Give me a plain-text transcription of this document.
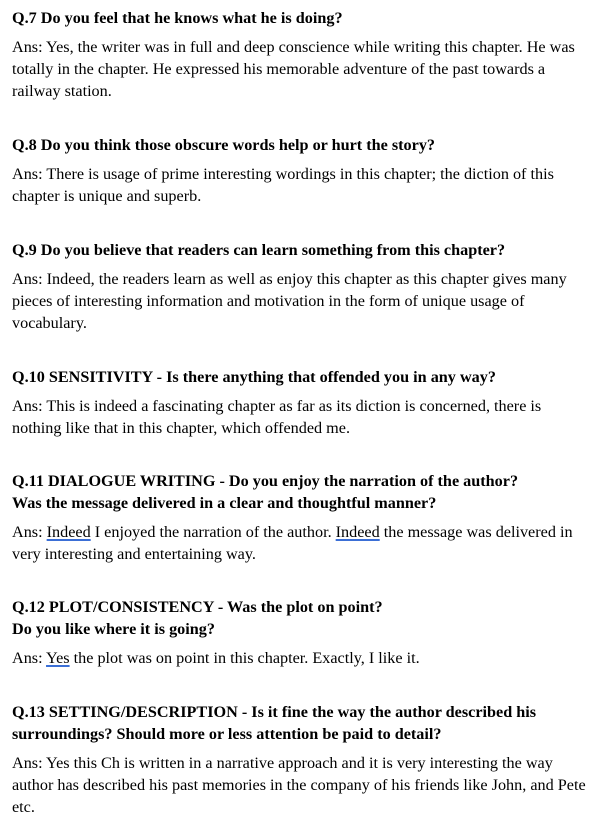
Q.7 Do you feel that he knows what he is doing?

Ans: Yes, the writer was in full and deep conscience while writing this chapter. He was totally in the chapter. He expressed his memorable adventure of the past towards a railway station.

Q.8 Do you think those obscure words help or hurt the story?

Ans: There is usage of prime interesting wordings in this chapter; the diction of this chapter is unique and superb.

Q.9 Do you believe that readers can learn something from this chapter?

Ans: Indeed, the readers learn as well as enjoy this chapter as this chapter gives many pieces of interesting information and motivation in the form of unique usage of vocabulary.

Q.10 SENSITIVITY - Is there anything that offended you in any way?

Ans: This is indeed a fascinating chapter as far as its diction is concerned, there is nothing like that in this chapter, which offended me.

Q.11 DIALOGUE WRITING - Do you enjoy the narration of the author?
Was the message delivered in a clear and thoughtful manner?

Ans: Indeed I enjoyed the narration of the author. Indeed the message was delivered in very interesting and entertaining way.

Q.12 PLOT/CONSISTENCY - Was the plot on point?
Do you like where it is going?

Ans: Yes the plot was on point in this chapter. Exactly, I like it.

Q.13 SETTING/DESCRIPTION - Is it fine the way the author described his surroundings? Should more or less attention be paid to detail?

Ans: Yes this Ch is written in a narrative approach and it is very interesting the way author has described his past memories in the company of his friends like John, and Pete etc.
